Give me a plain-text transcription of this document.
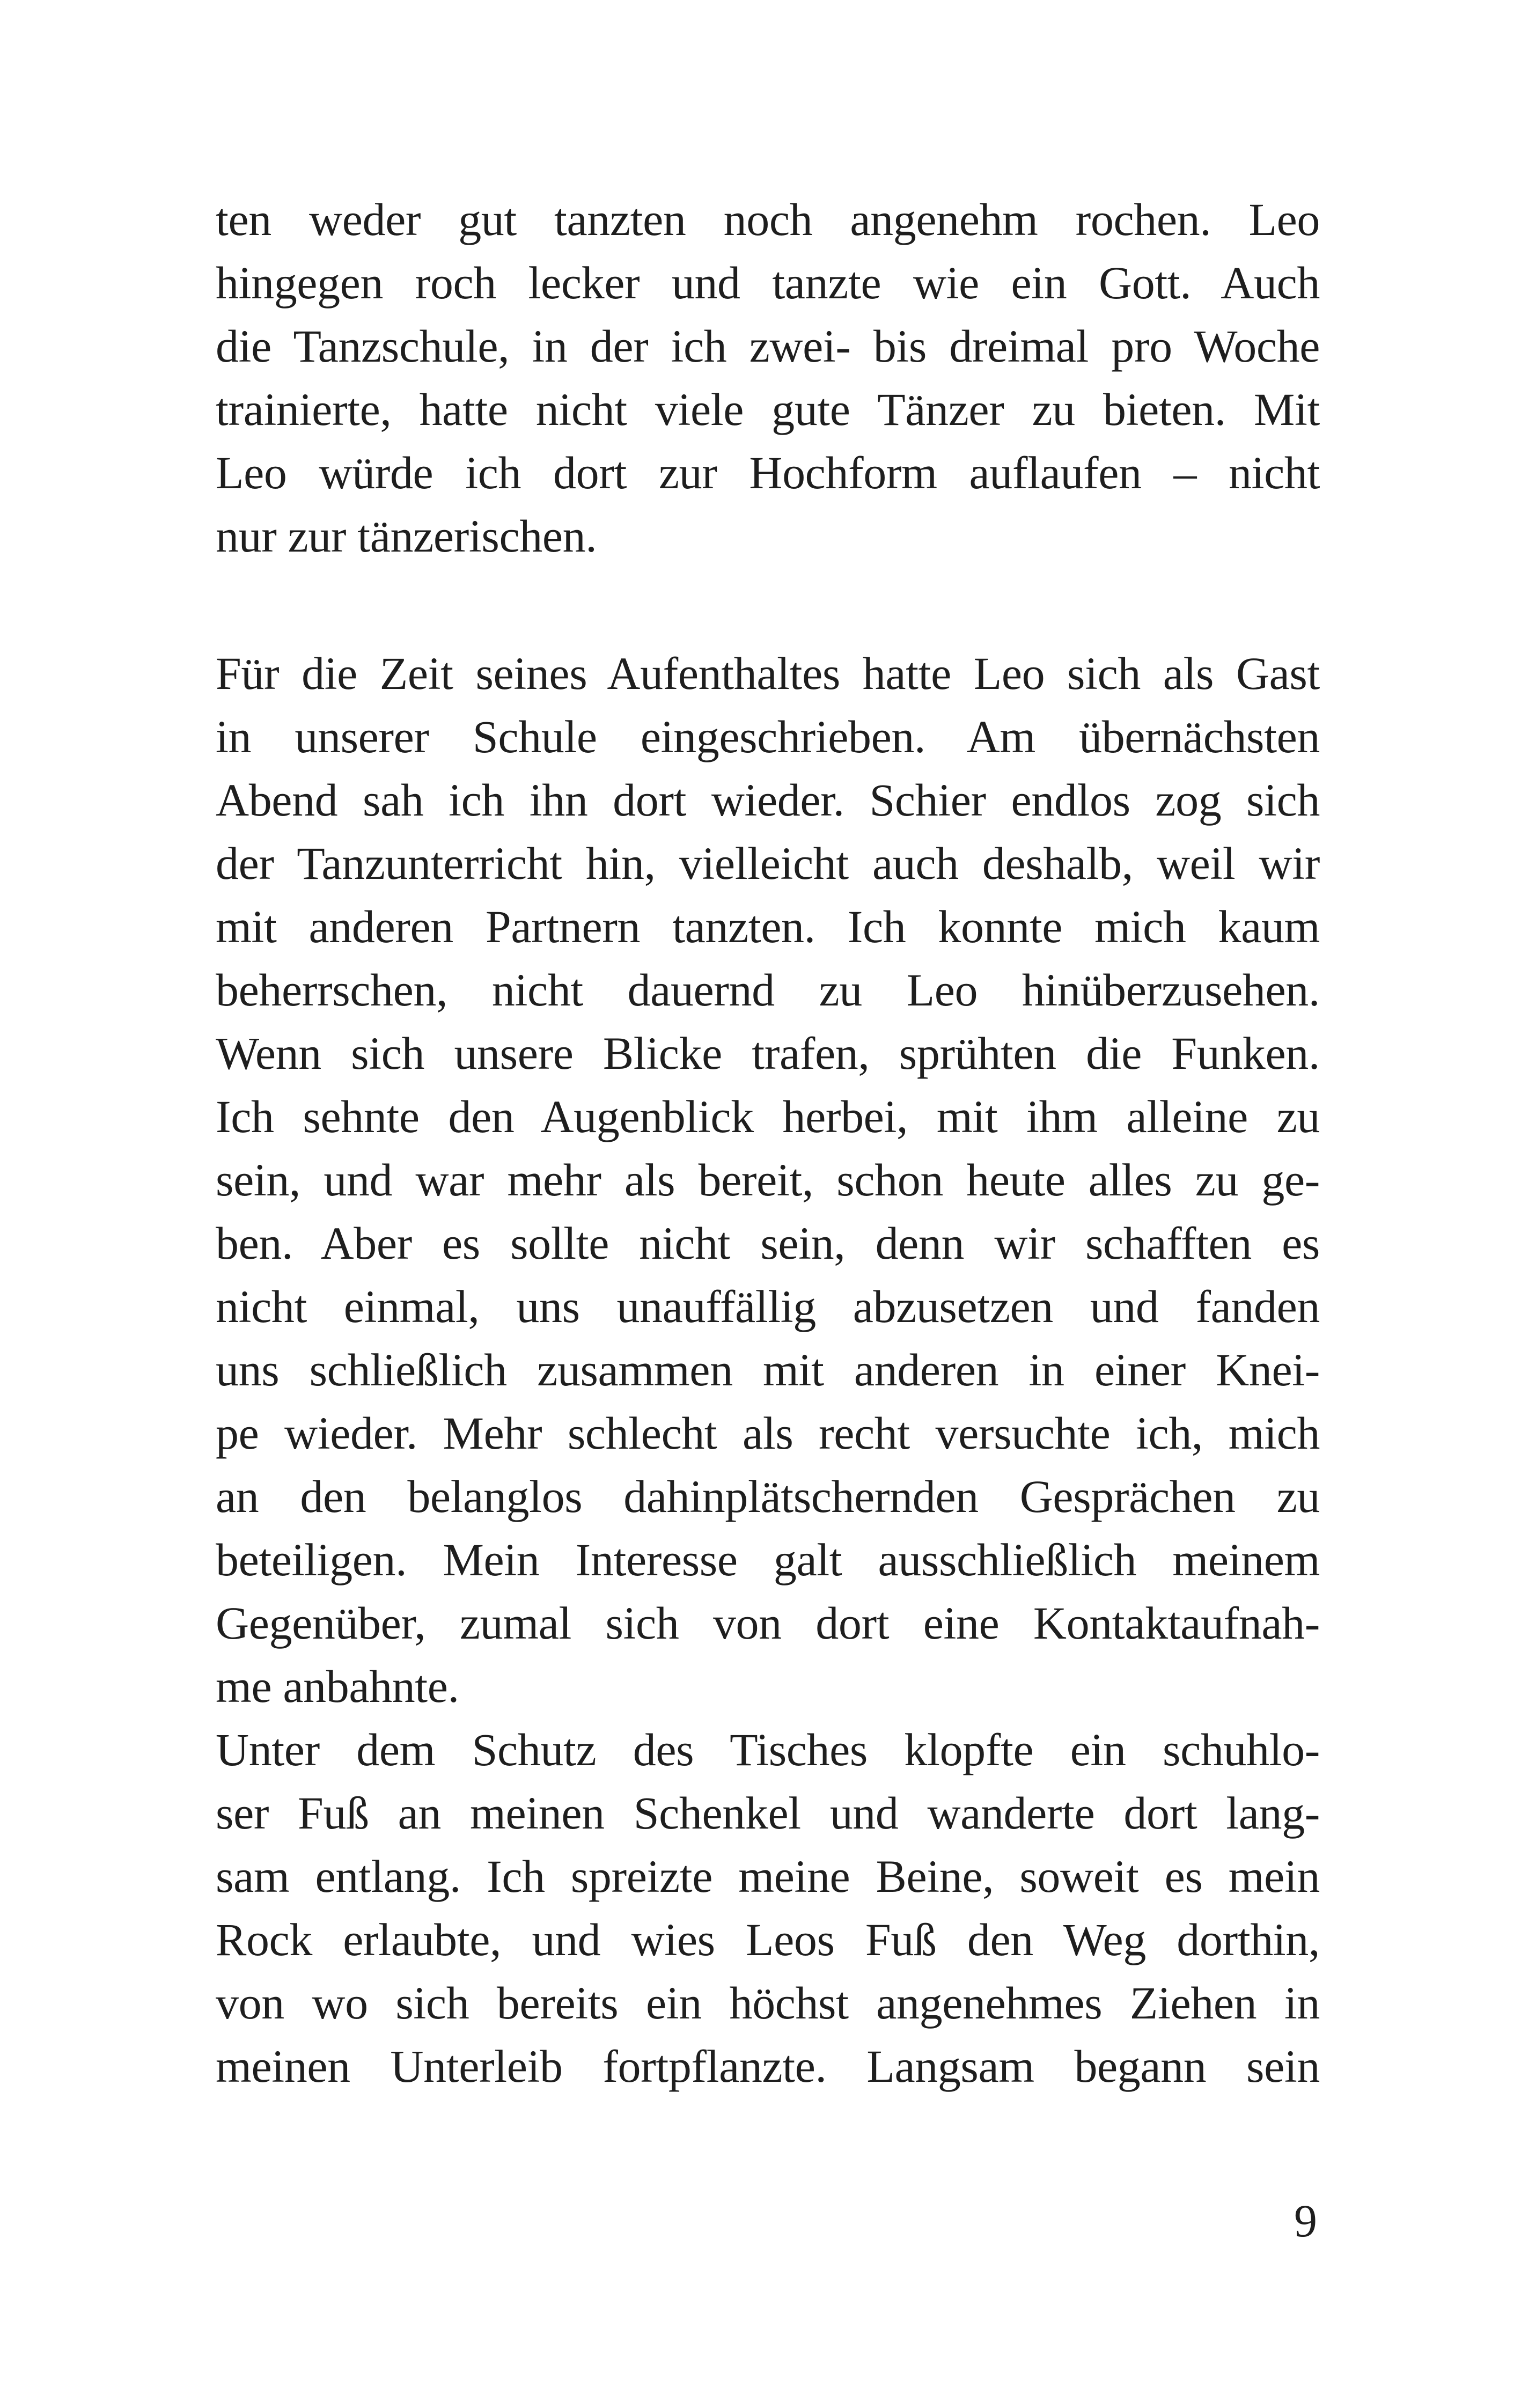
ten weder gut tanzten noch angenehm rochen. Leo
hingegen roch lecker und tanzte wie ein Gott. Auch
die Tanzschule, in der ich zwei- bis dreimal pro Woche
trainierte, hatte nicht viele gute Tänzer zu bieten. Mit
Leo würde ich dort zur Hochform auflaufen – nicht
nur zur tänzerischen.
Für die Zeit seines Aufenthaltes hatte Leo sich als Gast
in unserer Schule eingeschrieben. Am übernächsten
Abend sah ich ihn dort wieder. Schier endlos zog sich
der Tanzunterricht hin, vielleicht auch deshalb, weil wir
mit anderen Partnern tanzten. Ich konnte mich kaum
beherrschen, nicht dauernd zu Leo hinüberzusehen.
Wenn sich unsere Blicke trafen, sprühten die Funken.
Ich sehnte den Augenblick herbei, mit ihm alleine zu
sein, und war mehr als bereit, schon heute alles zu ge-
ben. Aber es sollte nicht sein, denn wir schafften es
nicht einmal, uns unauffällig abzusetzen und fanden
uns schließlich zusammen mit anderen in einer Knei-
pe wieder. Mehr schlecht als recht versuchte ich, mich
an den belanglos dahinplätschernden Gesprächen zu
beteiligen. Mein Interesse galt ausschließlich meinem
Gegenüber, zumal sich von dort eine Kontaktaufnah-
me anbahnte.
Unter dem Schutz des Tisches klopfte ein schuhlo-
ser Fuß an meinen Schenkel und wanderte dort lang-
sam entlang. Ich spreizte meine Beine, soweit es mein
Rock erlaubte, und wies Leos Fuß den Weg dorthin,
von wo sich bereits ein höchst angenehmes Ziehen in
meinen Unterleib fortpflanzte. Langsam begann sein
9
